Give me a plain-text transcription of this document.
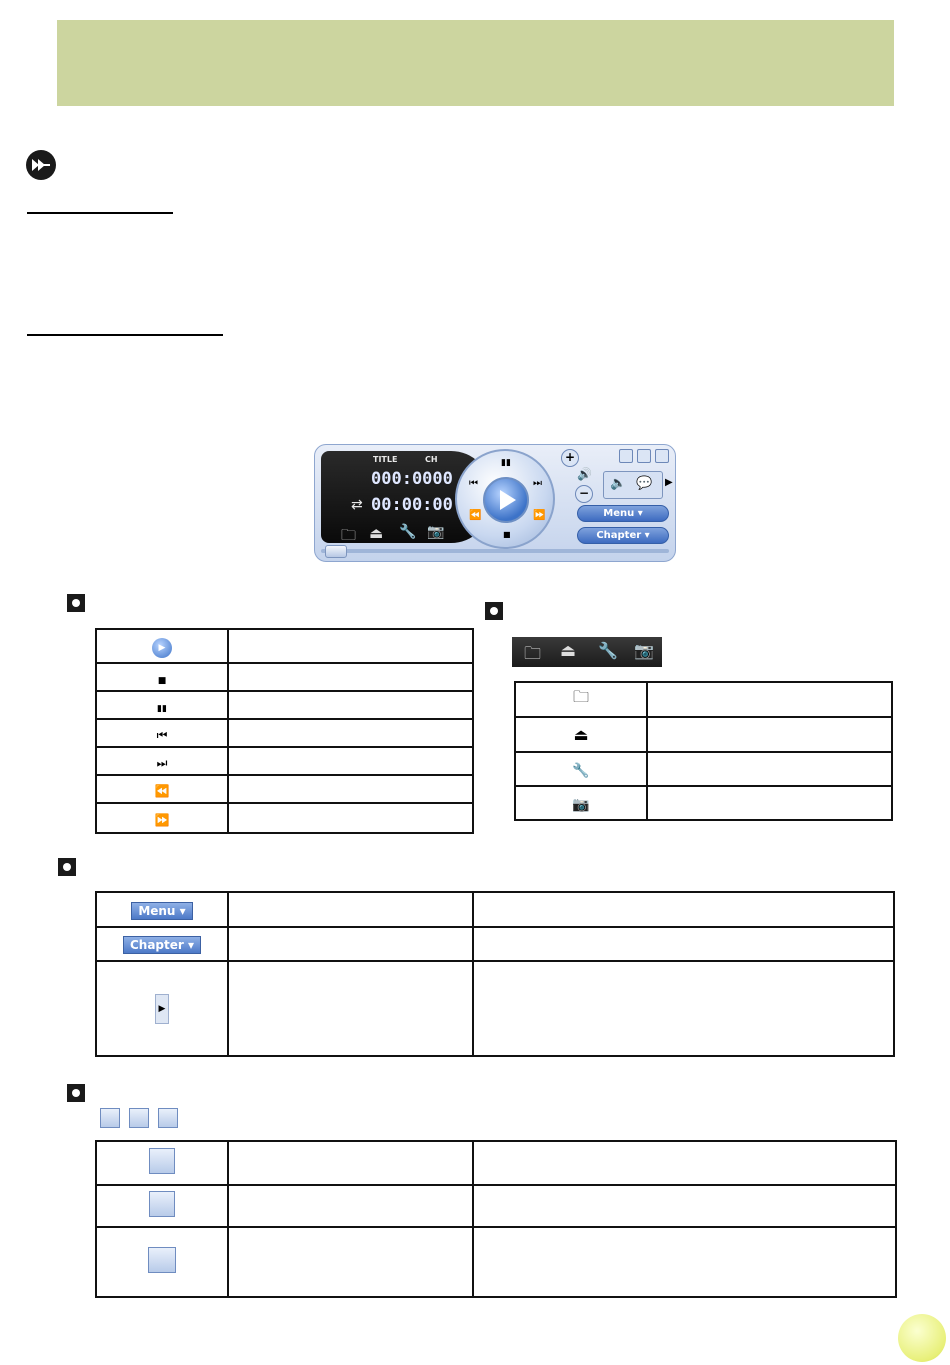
TITLE	CH
000:0000
⇄ 00:00:00
🗀 ⏏ 🔧 📷
▮▮
⏮	⏭
⏪	⏩
■
+
🔊
−
🔈 💬 ▶
Menu ▾
Chapter ▾
▶	
■	
▮▮	
⏮	
⏭	
⏪	
⏩	
🗀 ⏏ 🔧 📷
🗀	
⏏	
🔧	
📷	
Menu ▾		
Chapter ▾		
▶		
